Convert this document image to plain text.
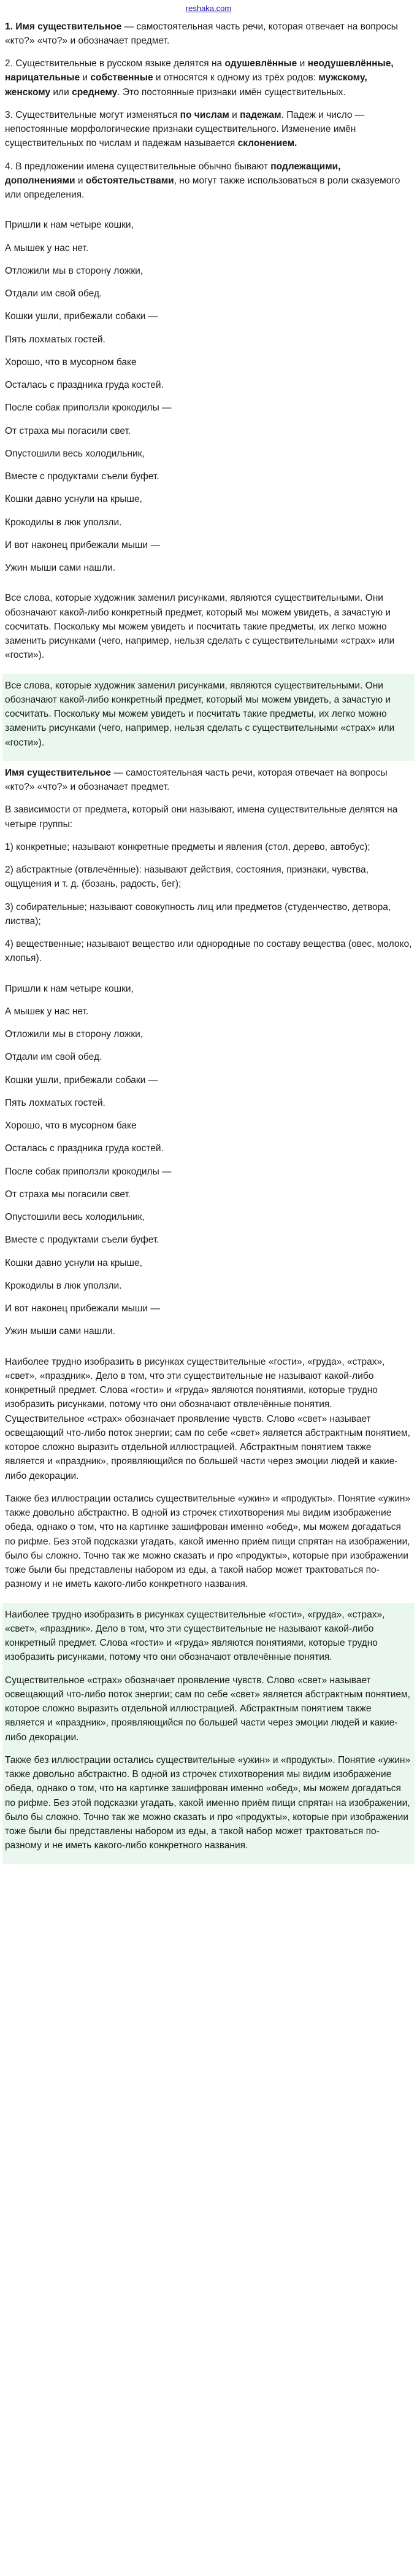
reshaka.com

1. Имя существительное — самостоятельная часть речи, которая отвечает на вопросы «кто?» «что?» и обозначает предмет.

2. Существительные в русском языке делятся на одушевлённые и неодушевлённые, нарицательные и собственные и относятся к одному из трёх родов: мужскому, женскому или среднему. Это постоянные признаки имён существительных.

3. Существительные могут изменяться по числам и падежам. Падеж и число — непостоянные морфологические признаки существительного. Изменение имён существительных по числам и падежам называется склонением.

4. В предложении имена существительные обычно бывают подлежащими, дополнениями и обстоятельствами, но могут также использоваться в роли сказуемого или определения.

Пришли к нам четыре кошки,
А мышек у нас нет.
Отложили мы в сторону ложки,
Отдали им свой обед.
Кошки ушли, прибежали собаки —
Пять лохматых гостей.
Хорошо, что в мусорном баке
Осталась с праздника груда костей.
После собак приползли крокодилы —
От страха мы погасили свет.
Опустошили весь холодильник,
Вместе с продуктами съели буфет.
Кошки давно уснули на крыше,
Крокодилы в люк уползли.
И вот наконец прибежали мыши —
Ужин мыши сами нашли.

Все слова, которые художник заменил рисунками, являются существительными. Они обозначают какой-либо конкретный предмет, который мы можем увидеть, а зачастую и сосчитать. Поскольку мы можем увидеть и посчитать такие предметы, их легко можно заменить рисунками (чего, например, нельзя сделать с существительными «страх» или «гости»).

Все слова, которые художник заменил рисунками, являются существительными. Они обозначают какой-либо конкретный предмет, который мы можем увидеть, а зачастую и сосчитать. Поскольку мы можем увидеть и посчитать такие предметы, их легко можно заменить рисунками (чего, например, нельзя сделать с существительными «страх» или «гости»).

Имя существительное — самостоятельная часть речи, которая отвечает на вопросы «кто?» «что?» и обозначает предмет.

В зависимости от предмета, который они называют, имена существительные делятся на четыре группы:

1) конкретные; называют конкретные предметы и явления (стол, дерево, автобус);

2) абстрактные (отвлечённые): называют действия, состояния, признаки, чувства, ощущения и т. д. (бозань, радость, бег);

3) собирательные; называют совокупность лиц или предметов (студенчество, детвора, листва);

4) вещественные; называют вещество или однородные по составу вещества (овес, молоко, хлопья).

Пришли к нам четыре кошки,
А мышек у нас нет.
Отложили мы в сторону ложки,
Отдали им свой обед.
Кошки ушли, прибежали собаки —
Пять лохматых гостей.
Хорошо, что в мусорном баке
Осталась с праздника груда костей.
После собак приползли крокодилы —
От страха мы погасили свет.
Опустошили весь холодильник,
Вместе с продуктами съели буфет.
Кошки давно уснули на крыше,
Крокодилы в люк уползли.
И вот наконец прибежали мыши —
Ужин мыши сами нашли.

Наиболее трудно изобразить в рисунках существительные «гости», «груда», «страх», «свет», «праздник». Дело в том, что эти существительные не называют какой-либо конкретный предмет. Слова «гости» и «груда» являются понятиями, которые трудно изобразить рисунками, потому что они обозначают отвлечённые понятия. Существительное «страх» обозначает проявление чувств. Слово «свет» называет освещающий что-либо поток энергии; сам по себе «свет» является абстрактным понятием, которое сложно выразить отдельной иллюстрацией. Абстрактным понятием также является и «праздник», проявляющийся по большей части через эмоции людей и какие-либо декорации.

Также без иллюстрации остались существительные «ужин» и «продукты». Понятие «ужин» также довольно абстрактно. В одной из строчек стихотворения мы видим изображение обеда, однако о том, что на картинке зашифрован именно «обед», мы можем догадаться по рифме. Без этой подсказки угадать, какой именно приём пищи спрятан на изображении, было бы сложно. Точно так же можно сказать и про «продукты», которые при изображении тоже были бы представлены набором из еды, а такой набор может трактоваться по-разному и не иметь какого-либо конкретного названия.

Наиболее трудно изобразить в рисунках существительные «гости», «груда», «страх», «свет», «праздник». Дело в том, что эти существительные не называют какой-либо конкретный предмет. Слова «гости» и «груда» являются понятиями, которые трудно изобразить рисунками, потому что они обозначают отвлечённые понятия.

Существительное «страх» обозначает проявление чувств. Слово «свет» называет освещающий что-либо поток энергии; сам по себе «свет» является абстрактным понятием, которое сложно выразить отдельной иллюстрацией. Абстрактным понятием также является и «праздник», проявляющийся по большей части через эмоции людей и какие-либо декорации.

Также без иллюстрации остались существительные «ужин» и «продукты». Понятие «ужин» также довольно абстрактно. В одной из строчек стихотворения мы видим изображение обеда, однако о том, что на картинке зашифрован именно «обед», мы можем догадаться по рифме. Без этой подсказки угадать, какой именно приём пищи спрятан на изображении, было бы сложно. Точно так же можно сказать и про «продукты», которые при изображении тоже были бы представлены набором из еды, а такой набор может трактоваться по-разному и не иметь какого-либо конкретного названия.
